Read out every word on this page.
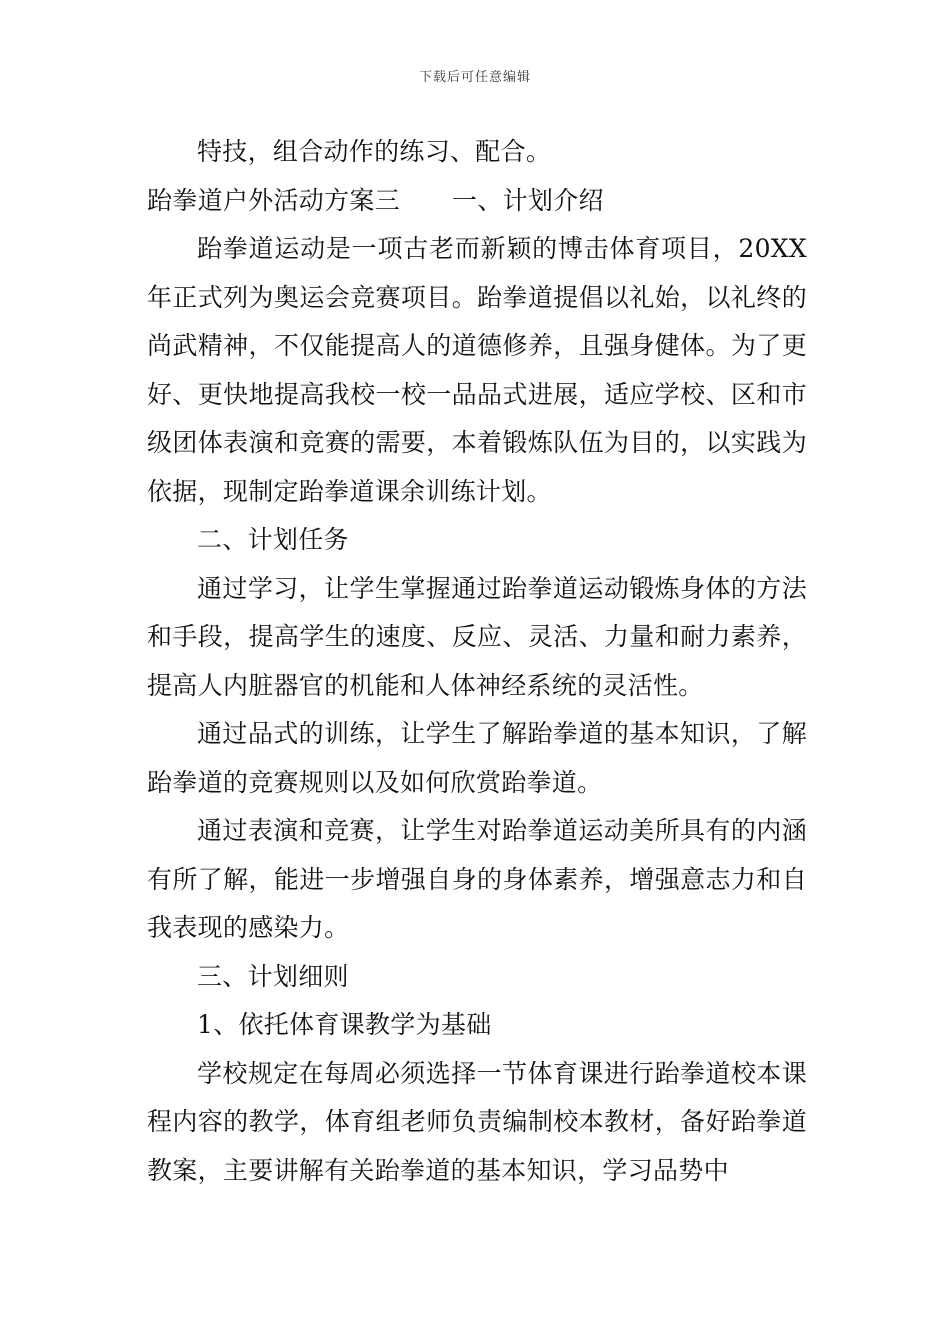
下载后可任意编辑

特技，组合动作的练习、配合。

跆拳道户外活动方案三 一、计划介绍

跆拳道运动是一项古老而新颖的博击体育项目，20XX年正式列为奥运会竞赛项目。跆拳道提倡以礼始，以礼终的尚武精神，不仅能提高人的道德修养，且强身健体。为了更好、更快地提高我校一校一品品式进展，适应学校、区和市级团体表演和竞赛的需要，本着锻炼队伍为目的，以实践为依据，现制定跆拳道课余训练计划。

二、计划任务

通过学习，让学生掌握通过跆拳道运动锻炼身体的方法和手段，提高学生的速度、反应、灵活、力量和耐力素养，提高人内脏器官的机能和人体神经系统的灵活性。

通过品式的训练，让学生了解跆拳道的基本知识，了解跆拳道的竞赛规则以及如何欣赏跆拳道。

通过表演和竞赛，让学生对跆拳道运动美所具有的内涵有所了解，能进一步增强自身的身体素养，增强意志力和自我表现的感染力。

三、计划细则

1、依托体育课教学为基础

学校规定在每周必须选择一节体育课进行跆拳道校本课程内容的教学，体育组老师负责编制校本教材，备好跆拳道教案，主要讲解有关跆拳道的基本知识，学习品势中
